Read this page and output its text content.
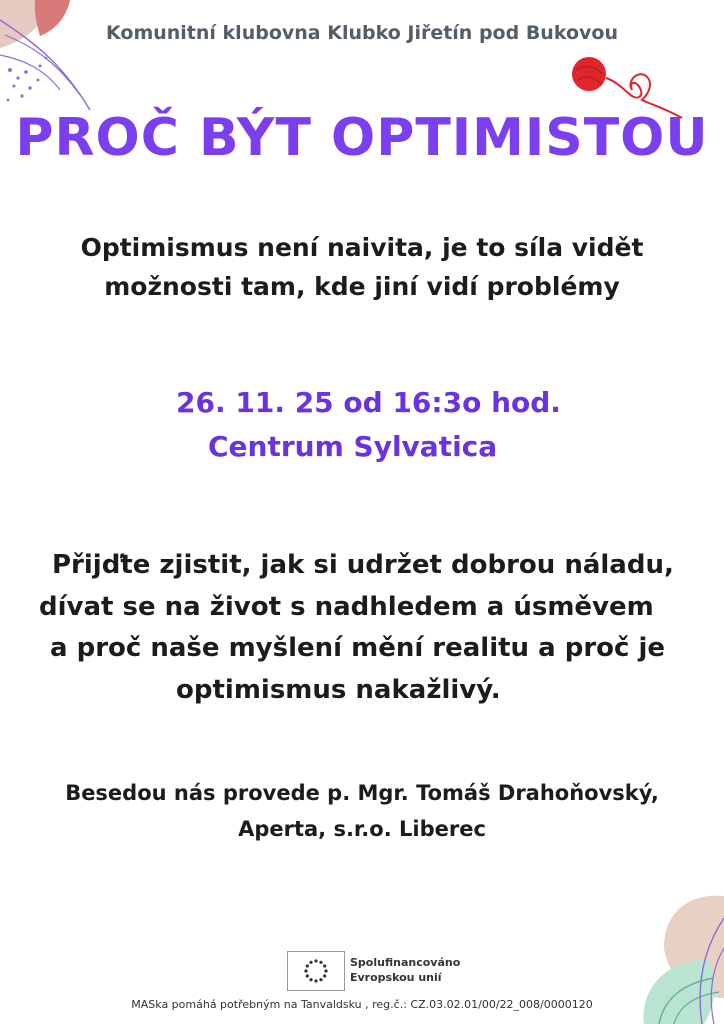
Komunitní klubovna Klubko Jiřetín pod Bukovou
PROČ BÝT OPTIMISTOU
Optimismus není naivita, je to síla vidět
možnosti tam, kde jiní vidí problémy
26. 11. 25 od 16:3o hod.
Centrum Sylvatica
Přijďte zjistit, jak si udržet dobrou náladu,
dívat se na život s nadhledem a úsměvem
a proč naše myšlení mění realitu a proč je
optimismus nakažlivý.
Besedou nás provede p. Mgr. Tomáš Drahoňovský,
Aperta, s.r.o. Liberec
Spolufinancováno
Evropskou unií
MASka pomáhá potřebným na Tanvaldsku , reg.č.: CZ.03.02.01/00/22_008/0000120
